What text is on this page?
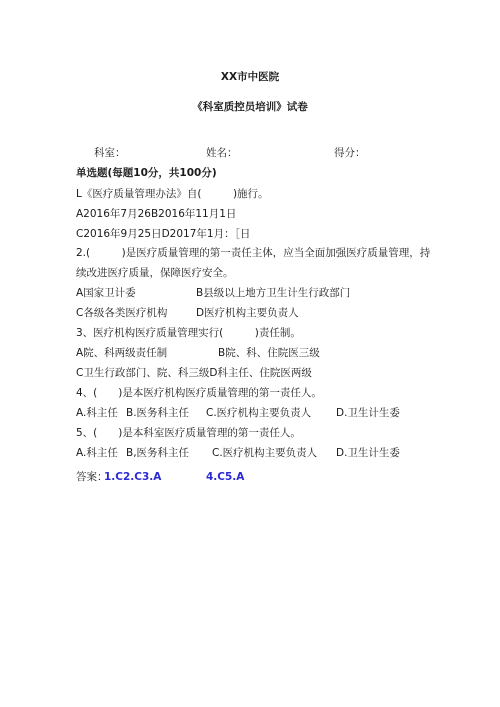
XX市中医院
《科室质控员培训》试卷
科室：	姓名：	得分：
单选题(每题10分，共100分)
L《医疗质量管理办法》自(　　　)施行。
A2016年7月26B2016年11月1日
C2016年9月25日D2017年1月：［日
2.(　　　)是医疗质量管理的第一责任主体，应当全面加强医疗质量管理，持
续改进医疗质量，保障医疗安全。
A国家卫计委	B县级以上地方卫生计生行政部门
C各级各类医疗机构	D医疗机构主要负责人
3、医疗机构医疗质量管理实行(　　　)责任制。
A院、科两级责任制	B院、科、住院医三级
C卫生行政部门、院、科三级D科主任、住院医两级
4、(　　)是本医疗机构医疗质量管理的第一责任人。
A.科主任 B.医务科主任 C.医疗机构主要负责人 D.卫生计生委
5、(　　)是本科室医疗质量管理的第一责任人。
A.科主任 B,医务科主任 C.医疗机构主要负责人 D.卫生计生委
答案：
1.C2.C3.A	4.C5.A
